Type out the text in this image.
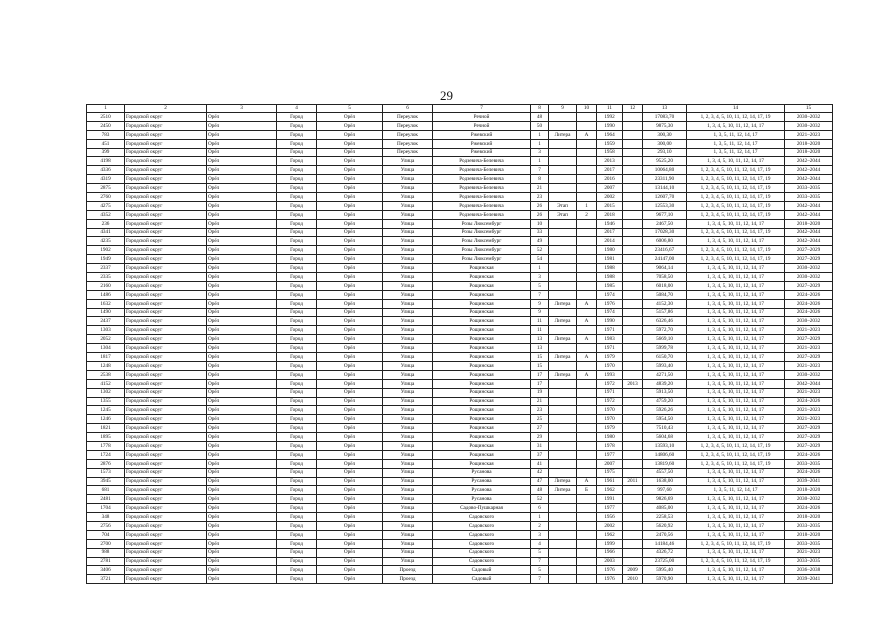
29
1	2	3	4	5	6	7	8	9	10	11	12	13	14	15
2510	Городской округ	Орёл	Город	Орёл	Переулок	Речной	48			1992		17083,70	1, 2, 3, 4, 5, 10, 11, 12, 14, 17, 19	2030–2032
2450	Городской округ	Орёл	Город	Орёл	Переулок	Речной	50			1990		9875,30	1, 3, 4, 5, 10, 11, 12, 14, 17	2030–2032
783	Городской округ	Орёл	Город	Орёл	Переулок	Ржевский	1	Литера	А	1964		300,30	1, 3, 5, 11, 12, 14, 17	2021–2023
451	Городской округ	Орёл	Город	Орёл	Переулок	Ржевский	1			1959		300,00	1, 3, 5, 11, 12, 14, 17	2018–2020
399	Городской округ	Орёл	Город	Орёл	Переулок	Ржевский	3			1958		293,10	1, 3, 5, 11, 12, 14, 17	2018–2020
4198	Городской округ	Орёл	Город	Орёл	Улица	Родзевича-Белевича	1			2013		9525,20	1, 3, 4, 5, 10, 11, 12, 14, 17	2042–2044
4336	Городской округ	Орёл	Город	Орёл	Улица	Родзевича-Белевича	7			2017		10064,80	1, 2, 3, 4, 5, 10, 11, 12, 14, 17, 19	2042–2044
4319	Городской округ	Орёл	Город	Орёл	Улица	Родзевича-Белевича	8			2016		23311,90	1, 2, 3, 4, 5, 10, 11, 12, 14, 17, 19	2042–2044
2875	Городской округ	Орёл	Город	Орёл	Улица	Родзевича-Белевича	21			2007		13144,10	1, 2, 3, 4, 5, 10, 11, 12, 14, 17, 19	2033–2035
2760	Городской округ	Орёл	Город	Орёл	Улица	Родзевича-Белевича	23			2002		12607,70	1, 2, 3, 4, 5, 10, 11, 12, 14, 17, 19	2033–2035
4275	Городской округ	Орёл	Город	Орёл	Улица	Родзевича-Белевича	26	Этап	1	2015		12553,30	1, 2, 3, 4, 5, 10, 11, 12, 14, 17, 19	2042–2044
4352	Городской округ	Орёл	Город	Орёл	Улица	Родзевича-Белевича	26	Этап	2	2018		9677,10	1, 2, 3, 4, 5, 10, 11, 12, 14, 17, 19	2042–2044
236	Городской округ	Орёл	Город	Орёл	Улица	Розы Люксембург	10			1946		2467,50	1, 3, 4, 5, 10, 11, 12, 14, 17	2018–2020
4341	Городской округ	Орёл	Город	Орёл	Улица	Розы Люксембург	33			2017		17028,30	1, 2, 3, 4, 5, 10, 11, 12, 14, 17, 19	2042–2044
4235	Городской округ	Орёл	Город	Орёл	Улица	Розы Люксембург	49			2014		6006,80	1, 3, 4, 5, 10, 11, 12, 14, 17	2042–2044
1902	Городской округ	Орёл	Город	Орёл	Улица	Розы Люксембург	52			1980		23416,67	1, 2, 3, 4, 5, 10, 11, 12, 14, 17, 19	2027–2029
1949	Городской округ	Орёл	Город	Орёл	Улица	Розы Люксембург	54			1981		24147,00	1, 2, 3, 4, 5, 10, 11, 12, 14, 17, 19	2027–2029
2337	Городской округ	Орёл	Город	Орёл	Улица	Рощинская	1			1988		9064,14	1, 3, 4, 5, 10, 11, 12, 14, 17	2030–2032
2335	Городской округ	Орёл	Город	Орёл	Улица	Рощинская	3			1988		7058,50	1, 3, 4, 5, 10, 11, 12, 14, 17	2030–2032
2160	Городской округ	Орёл	Город	Орёл	Улица	Рощинская	5			1985		6018,00	1, 3, 4, 5, 10, 11, 12, 14, 17	2027–2029
1486	Городской округ	Орёл	Город	Орёл	Улица	Рощинская	7			1974		5084,70	1, 3, 4, 5, 10, 11, 12, 14, 17	2024–2026
1632	Городской округ	Орёл	Город	Орёл	Улица	Рощинская	9	Литера	А	1976		4152,30	1, 3, 4, 5, 10, 11, 12, 14, 17	2024–2026
1490	Городской округ	Орёл	Город	Орёл	Улица	Рощинская	9			1974		5157,86	1, 3, 4, 5, 10, 11, 12, 14, 17	2024–2026
2437	Городской округ	Орёл	Город	Орёл	Улица	Рощинская	11	Литера	А	1990		6326,46	1, 3, 4, 5, 10, 11, 12, 14, 17	2030–2032
1303	Городской округ	Орёл	Город	Орёл	Улица	Рощинская	11			1971		5972,70	1, 3, 4, 5, 10, 11, 12, 14, 17	2021–2023
2052	Городской округ	Орёл	Город	Орёл	Улица	Рощинская	13	Литера	А	1983		5669,10	1, 3, 4, 5, 10, 11, 12, 14, 17	2027–2029
1304	Городской округ	Орёл	Город	Орёл	Улица	Рощинская	13			1971		5999,78	1, 3, 4, 5, 10, 11, 12, 14, 17	2021–2023
1817	Городской округ	Орёл	Город	Орёл	Улица	Рощинская	15	Литера	А	1979		6150,70	1, 3, 4, 5, 10, 11, 12, 14, 17	2027–2029
1248	Городской округ	Орёл	Город	Орёл	Улица	Рощинская	15			1970		5993,40	1, 3, 4, 5, 10, 11, 12, 14, 17	2021–2023
2538	Городской округ	Орёл	Город	Орёл	Улица	Рощинская	17	Литера	А	1993		4271,50	1, 3, 4, 5, 10, 11, 12, 14, 17	2030–2032
4152	Городской округ	Орёл	Город	Орёл	Улица	Рощинская	17			1972	2013	4839,20	1, 3, 4, 5, 10, 11, 12, 14, 17	2042–2044
1302	Городской округ	Орёл	Город	Орёл	Улица	Рощинская	19			1971		5913,50	1, 3, 4, 5, 10, 11, 12, 14, 17	2021–2023
1355	Городской округ	Орёл	Город	Орёл	Улица	Рощинская	21			1972		4759,20	1, 3, 4, 5, 10, 11, 12, 14, 17	2024–2026
1245	Городской округ	Орёл	Город	Орёл	Улица	Рощинская	23			1970		5926,26	1, 3, 4, 5, 10, 11, 12, 14, 17	2021–2023
1246	Городской округ	Орёл	Город	Орёл	Улица	Рощинская	25			1970		5954,50	1, 3, 4, 5, 10, 11, 12, 14, 17	2021–2023
1821	Городской округ	Орёл	Город	Орёл	Улица	Рощинская	27			1979		7510,43	1, 3, 4, 5, 10, 11, 12, 14, 17	2027–2029
1895	Городской округ	Орёл	Город	Орёл	Улица	Рощинская	29			1980		5604,68	1, 3, 4, 5, 10, 11, 12, 14, 17	2027–2029
1778	Городской округ	Орёл	Город	Орёл	Улица	Рощинская	31			1978		13593,10	1, 2, 3, 4, 5, 10, 11, 12, 14, 17, 19	2027–2029
1724	Городской округ	Орёл	Город	Орёл	Улица	Рощинская	37			1977		14806,60	1, 2, 3, 4, 5, 10, 11, 12, 14, 17, 19	2024–2026
2876	Городской округ	Орёл	Город	Орёл	Улица	Рощинская	41			2007		13819,60	1, 2, 3, 4, 5, 10, 11, 12, 14, 17, 19	2033–2035
1573	Городской округ	Орёл	Город	Орёл	Улица	Русанова	42			1975		4557,50	1, 3, 4, 5, 10, 11, 12, 14, 17	2024–2026
3945	Городской округ	Орёл	Город	Орёл	Улица	Русанова	47	Литера	А	1961	2011	1638,00	1, 3, 4, 5, 10, 11, 12, 14, 17	2039–2041
681	Городской округ	Орёл	Город	Орёл	Улица	Русанова	48	Литера	Б	1962		997,60	1, 3, 5, 11, 12, 14, 17	2018–2020
2481	Городской округ	Орёл	Город	Орёл	Улица	Русанова	52			1991		9826,69	1, 3, 4, 5, 10, 11, 12, 14, 17	2030–2032
1704	Городской округ	Орёл	Город	Орёл	Улица	Садово-Пушкарная	6			1977		4085,00	1, 3, 4, 5, 10, 11, 12, 14, 17	2024–2026
348	Городской округ	Орёл	Город	Орёл	Улица	Садовского	1			1956		2258,53	1, 3, 4, 5, 10, 11, 12, 14, 17	2018–2020
2756	Городской округ	Орёл	Город	Орёл	Улица	Садовского	2			2002		5620,92	1, 3, 4, 5, 10, 11, 12, 14, 17	2033–2035
704	Городской округ	Орёл	Город	Орёл	Улица	Садовского	3			1962		2470,56	1, 3, 4, 5, 10, 11, 12, 14, 17	2018–2020
2700	Городской округ	Орёл	Город	Орёл	Улица	Садовского	4			1999		14184,46	1, 2, 3, 4, 5, 10, 11, 12, 14, 17, 19	2033–2035
988	Городской округ	Орёл	Город	Орёл	Улица	Садовского	5			1966		4326,72	1, 3, 4, 5, 10, 11, 12, 14, 17	2021–2023
2781	Городской округ	Орёл	Город	Орёл	Улица	Садовского	7			2003		23725,00	1, 2, 3, 4, 5, 10, 11, 12, 14, 17, 19	2033–2035
3406	Городской округ	Орёл	Город	Орёл	Проезд	Садовый	5			1976	2009	5995,40	1, 3, 4, 5, 10, 11, 12, 14, 17	2036–2038
3721	Городской округ	Орёл	Город	Орёл	Проезд	Садовый	7			1976	2010	5970,90	1, 3, 4, 5, 10, 11, 12, 14, 17	2039–2041
